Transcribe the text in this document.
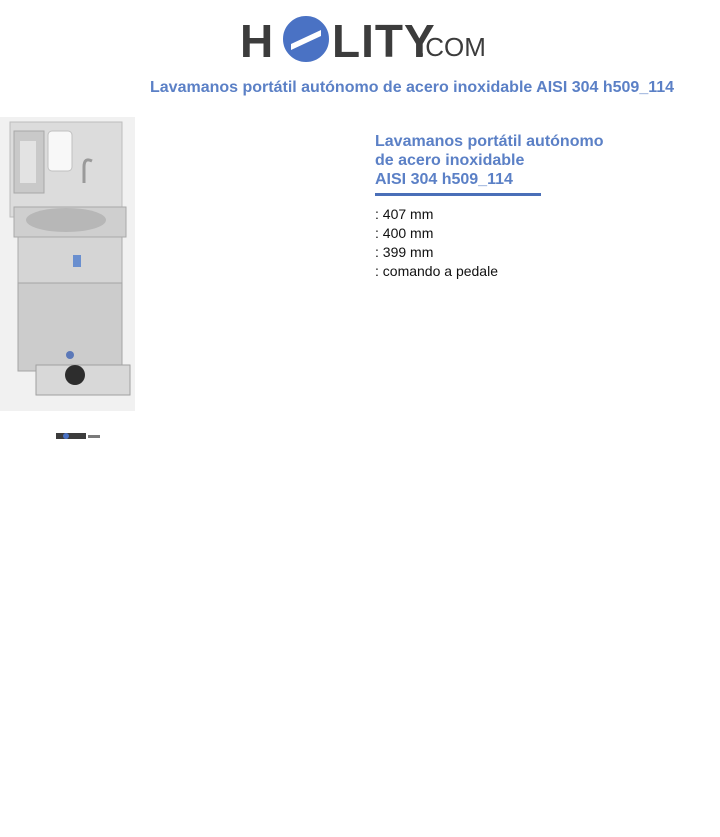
H LITY
.COM
Lavamanos portátil autónomo de acero inoxidable AISI 304 h509_114
Lavamanos portátil autónomo
de acero inoxidable
AISI 304 h509_114
: 407 mm
: 400 mm
: 399 mm
: comando a pedale
